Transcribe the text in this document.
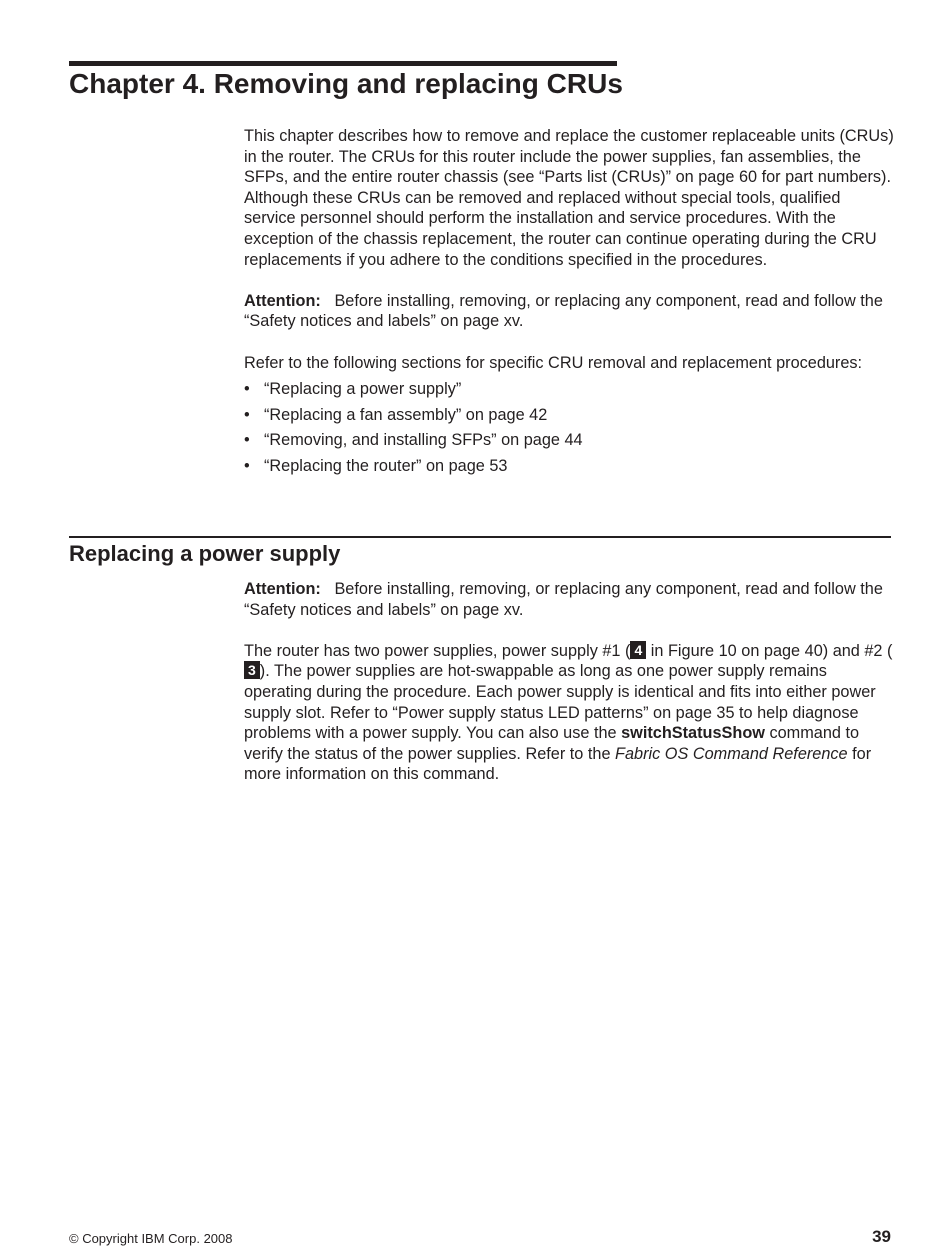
Chapter 4. Removing and replacing CRUs

This chapter describes how to remove and replace the customer replaceable units (CRUs) in the router. The CRUs for this router include the power supplies, fan assemblies, the SFPs, and the entire router chassis (see “Parts list (CRUs)” on page 60 for part numbers). Although these CRUs can be removed and replaced without special tools, qualified service personnel should perform the installation and service procedures. With the exception of the chassis replacement, the router can continue operating during the CRU replacements if you adhere to the conditions specified in the procedures.

Attention: Before installing, removing, or replacing any component, read and follow the “Safety notices and labels” on page xv.

Refer to the following sections for specific CRU removal and replacement procedures:

• “Replacing a power supply”
• “Replacing a fan assembly” on page 42
• “Removing, and installing SFPs” on page 44
• “Replacing the router” on page 53
Replacing a power supply

Attention: Before installing, removing, or replacing any component, read and follow the “Safety notices and labels” on page xv.

The router has two power supplies, power supply #1 ( 4 in Figure 10 on page 40) and #2 (3 ). The power supplies are hot-swappable as long as one power supply remains operating during the procedure. Each power supply is identical and fits into either power supply slot. Refer to “Power supply status LED patterns” on page 35 to help diagnose problems with a power supply. You can also use the switchStatusShow command to verify the status of the power supplies. Refer to the Fabric OS Command Reference for more information on this command.

© Copyright IBM Corp. 2008	39
